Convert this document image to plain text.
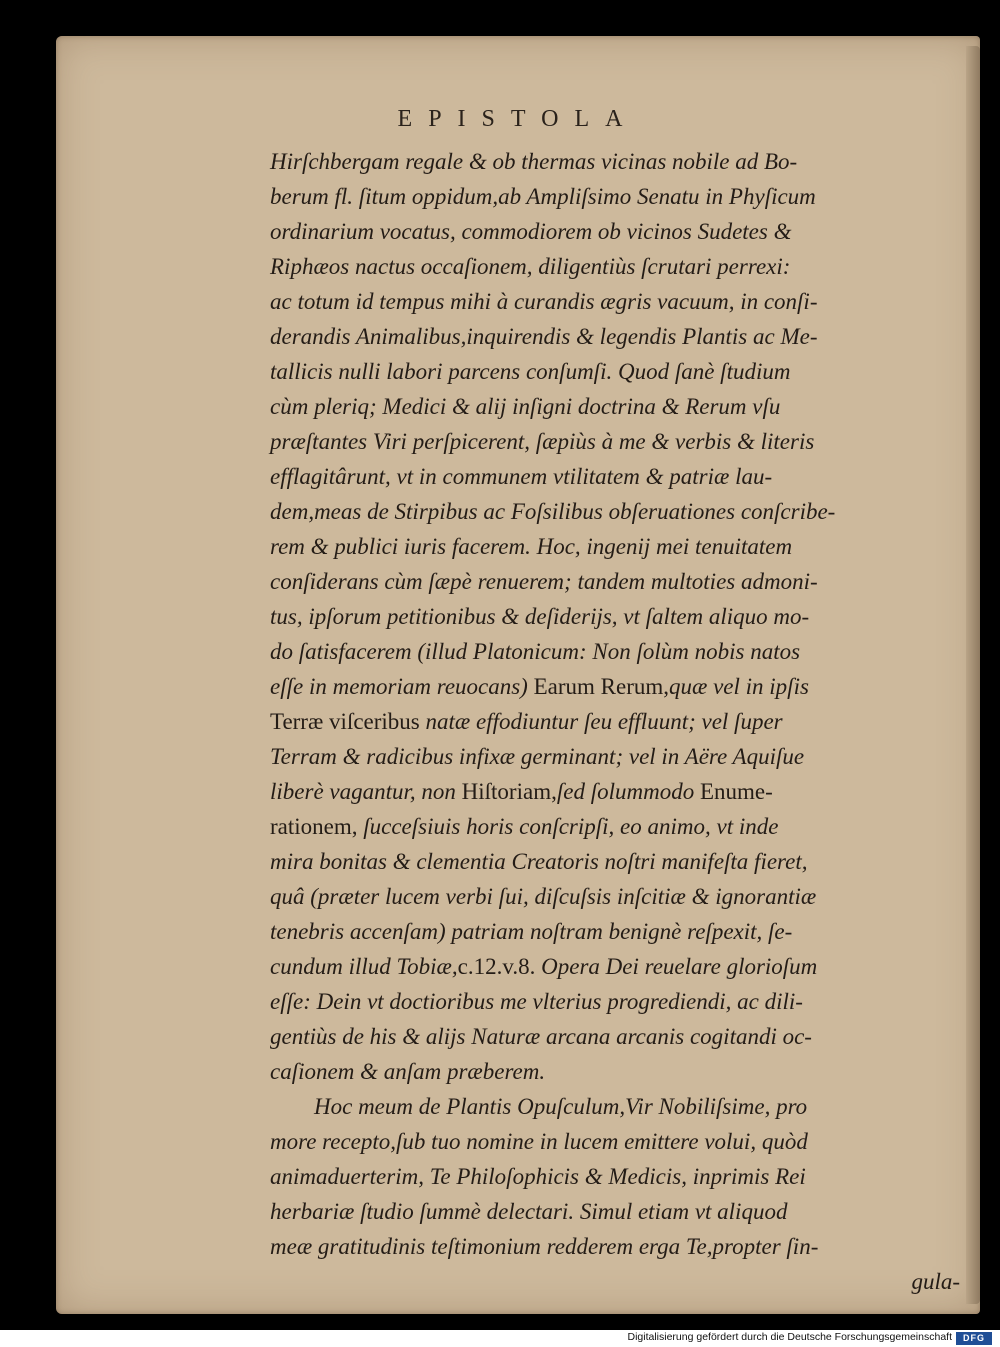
EPISTOLA
Hirſchbergam regale & ob thermas vicinas nobile ad Bo-
berum fl. ſitum oppidum,ab Ampliſsimo Senatu in Phyſicum
ordinarium vocatus, commodiorem ob vicinos Sudetes &
Riphæos nactus occaſionem, diligentiùs ſcrutari perrexi:
ac totum id tempus mihi à curandis ægris vacuum, in conſi-
derandis Animalibus,inquirendis & legendis Plantis ac Me-
tallicis nulli labori parcens conſumſi. Quod ſanè ſtudium
cùm pleriq; Medici & alij inſigni doctrina & Rerum vſu
præſtantes Viri perſpicerent, ſæpiùs à me & verbis & literis
efflagitârunt, vt in communem vtilitatem & patriæ lau-
dem,meas de Stirpibus ac Foſsilibus obſeruationes conſcribe-
rem & publici iuris facerem. Hoc, ingenij mei tenuitatem
conſiderans cùm ſæpè renuerem; tandem multoties admoni-
tus, ipſorum petitionibus & deſiderijs, vt ſaltem aliquo mo-
do ſatisfacerem (illud Platonicum: Non ſolùm nobis natos
eſſe in memoriam reuocans) Earum Rerum,quæ vel in ipſis
Terræ viſceribus natæ effodiuntur ſeu effluunt; vel ſuper
Terram & radicibus infixæ germinant; vel in Aëre Aquiſue
liberè vagantur, non Hiſtoriam,ſed ſolummodo Enume-
rationem, ſucceſsiuis horis conſcripſi, eo animo, vt inde
mira bonitas & clementia Creatoris noſtri manifeſta fieret,
quâ (præter lucem verbi ſui, diſcuſsis inſcitiæ & ignorantiæ
tenebris accenſam) patriam noſtram benignè reſpexit, ſe-
cundum illud Tobiæ,c.12.v.8. Opera Dei reuelare glorioſum
eſſe: Dein vt doctioribus me vlterius progrediendi, ac dili-
gentiùs de his & alijs Naturæ arcana arcanis cogitandi oc-
caſionem & anſam præberem.
Hoc meum de Plantis Opuſculum,Vir Nobiliſsime, pro
more recepto,ſub tuo nomine in lucem emittere volui, quòd
animaduerterim, Te Philoſophicis & Medicis, inprimis Rei
herbariæ ſtudio ſummè delectari. Simul etiam vt aliquod
meæ gratitudinis teſtimonium redderem erga Te,propter ſin-
gula-
Digitalisierung gefördert durch die Deutsche Forschungsgemeinschaft	DFG
